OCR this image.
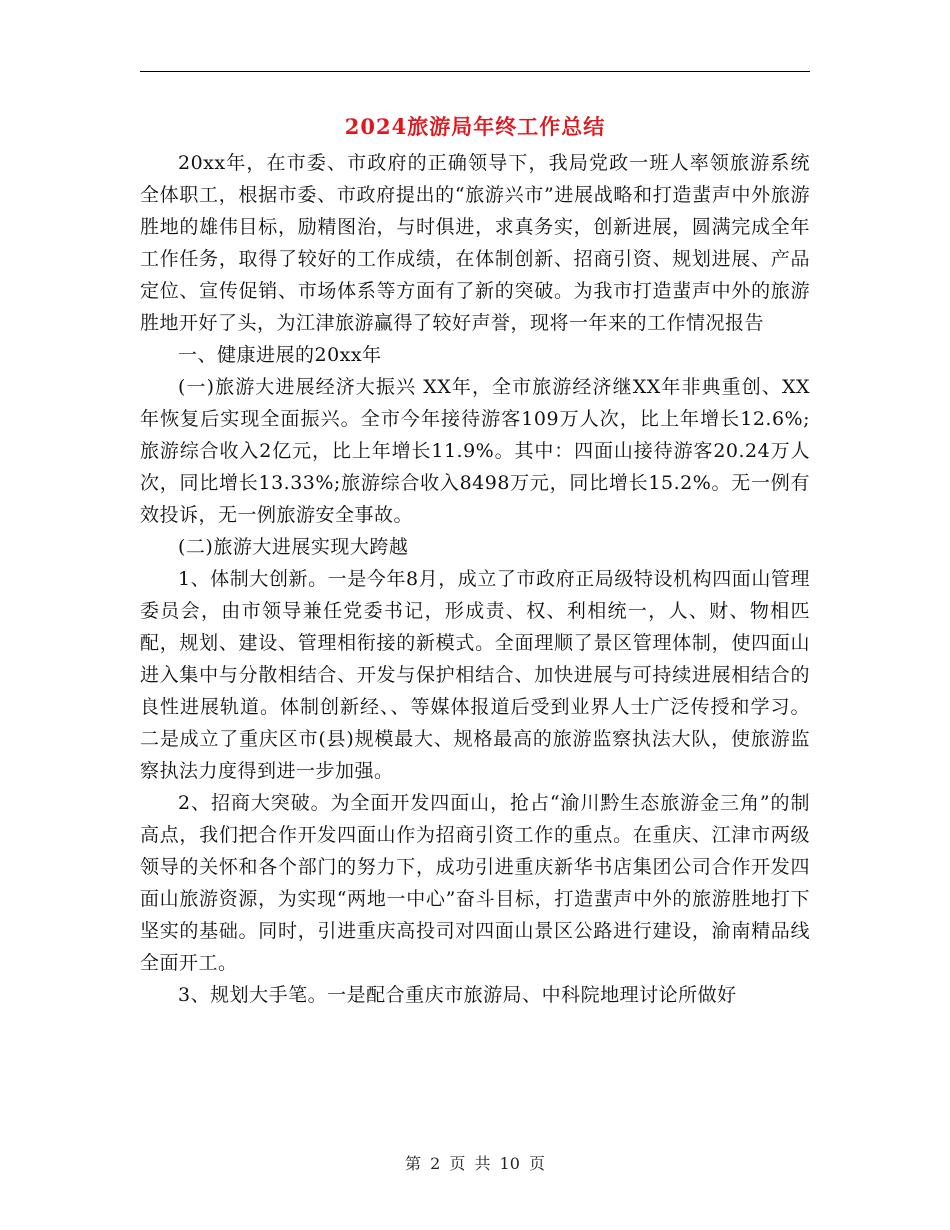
2024旅游局年终工作总结

20xx年，在市委、市政府的正确领导下，我局党政一班人率领旅游系统全体职工，根据市委、市政府提出的“旅游兴市”进展战略和打造蜚声中外旅游胜地的雄伟目标，励精图治，与时俱进，求真务实，创新进展，圆满完成全年工作任务，取得了较好的工作成绩，在体制创新、招商引资、规划进展、产品定位、宣传促销、市场体系等方面有了新的突破。为我市打造蜚声中外的旅游胜地开好了头，为江津旅游赢得了较好声誉，现将一年来的工作情况报告

一、健康进展的20xx年

(一)旅游大进展经济大振兴 XX年，全市旅游经济继XX年非典重创、XX年恢复后实现全面振兴。全市今年接待游客109万人次，比上年增长12.6%;旅游综合收入2亿元，比上年增长11.9%。其中：四面山接待游客20.24万人次，同比增长13.33%;旅游综合收入8498万元，同比增长15.2%。无一例有效投诉，无一例旅游安全事故。

(二)旅游大进展实现大跨越

1、体制大创新。一是今年8月，成立了市政府正局级特设机构四面山管理委员会，由市领导兼任党委书记，形成责、权、利相统一，人、财、物相匹配，规划、建设、管理相衔接的新模式。全面理顺了景区管理体制，使四面山进入集中与分散相结合、开发与保护相结合、加快进展与可持续进展相结合的良性进展轨道。体制创新经、、等媒体报道后受到业界人士广泛传授和学习。二是成立了重庆区市(县)规模最大、规格最高的旅游监察执法大队，使旅游监察执法力度得到进一步加强。

2、招商大突破。为全面开发四面山，抢占“渝川黔生态旅游金三角”的制高点，我们把合作开发四面山作为招商引资工作的重点。在重庆、江津市两级领导的关怀和各个部门的努力下，成功引进重庆新华书店集团公司合作开发四面山旅游资源，为实现“两地一中心”奋斗目标，打造蜚声中外的旅游胜地打下坚实的基础。同时，引进重庆高投司对四面山景区公路进行建设，渝南精品线全面开工。

3、规划大手笔。一是配合重庆市旅游局、中科院地理讨论所做好

第 2 页 共 10 页
